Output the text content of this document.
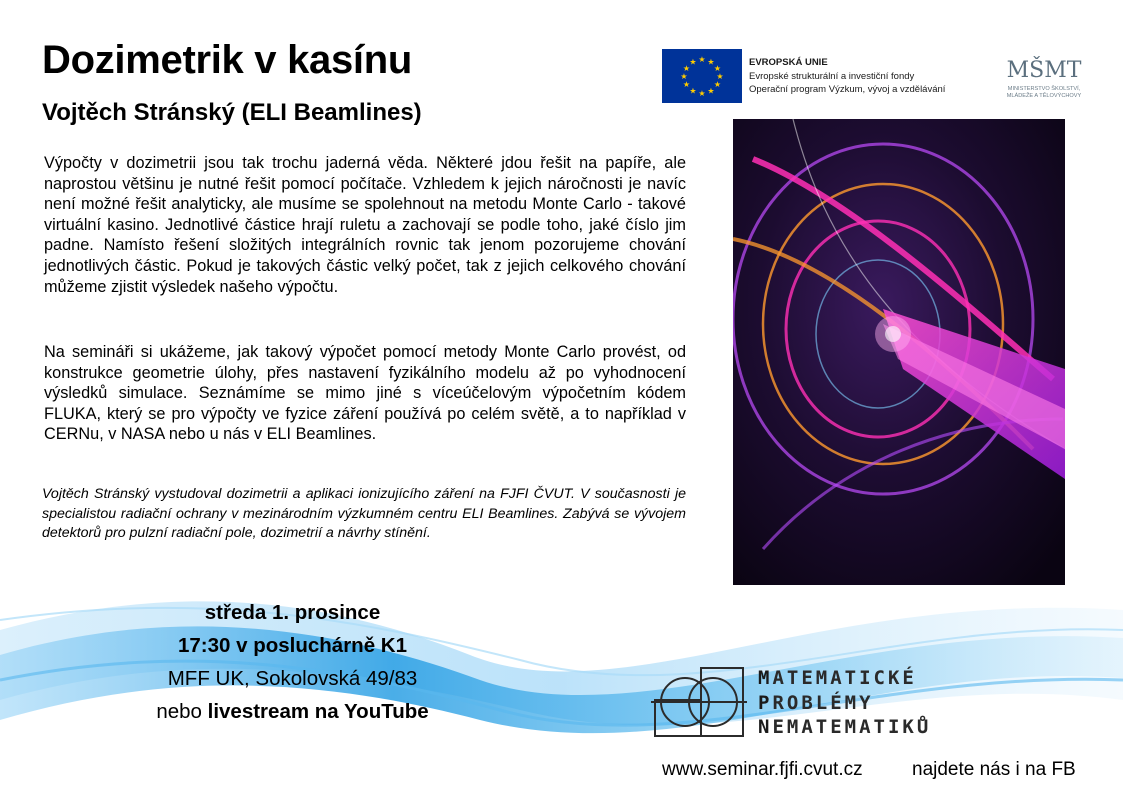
Dozimetrik v kasínu
Vojtěch Stránský (ELI Beamlines)

Výpočty v dozimetrii jsou tak trochu jaderná věda. Některé jdou řešit na papíře, ale naprostou většinu je nutné řešit pomocí počítače. Vzhledem k jejich náročnosti je navíc není možné řešit analyticky, ale musíme se spolehnout na metodu Monte Carlo - takové virtuální kasino. Jednotlivé částice hrají ruletu a zachovají se podle toho, jaké číslo jim padne. Namísto řešení složitých integrálních rovnic tak jenom pozorujeme chování jednotlivých částic. Pokud je takových částic velký počet, tak z jejich celkového chování můžeme zjistit výsledek našeho výpočtu.

Na semináři si ukážeme, jak takový výpočet pomocí metody Monte Carlo provést, od konstrukce geometrie úlohy, přes nastavení fyzikálního modelu až po vyhodnocení výsledků simulace. Seznámíme se mimo jiné s víceúčelovým výpočetním kódem FLUKA, který se pro výpočty ve fyzice záření používá po celém světě, a to například v CERNu, v NASA nebo u nás v ELI Beamlines.

Vojtěch Stránský vystudoval dozimetrii a aplikaci ionizujícího záření na FJFI ČVUT. V současnosti je specialistou radiační ochrany v mezinárodním výzkumném centru ELI Beamlines. Zabývá se vývojem detektorů pro pulzní radiační pole, dozimetrií a návrhy stínění.

středa 1. prosince
17:30 v posluchárně K1
MFF UK, Sokolovská 49/83
nebo livestream na YouTube
★ ★
★
★
★
★
★
★
★
★
★
★	EVROPSKÁ UNIE
Evropské strukturální a investiční fondy
Operační program Výzkum, vývoj a vzdělávání
MŠMT
MINISTERSTVO ŠKOLSTVÍ,
MLÁDEŽE A TĚLOVÝCHOVY
MATEMATICKÉ
PROBLÉMY
NEMATEMATIKŮ
www.seminar.fjfi.cvut.cz	najdete nás i na FB
